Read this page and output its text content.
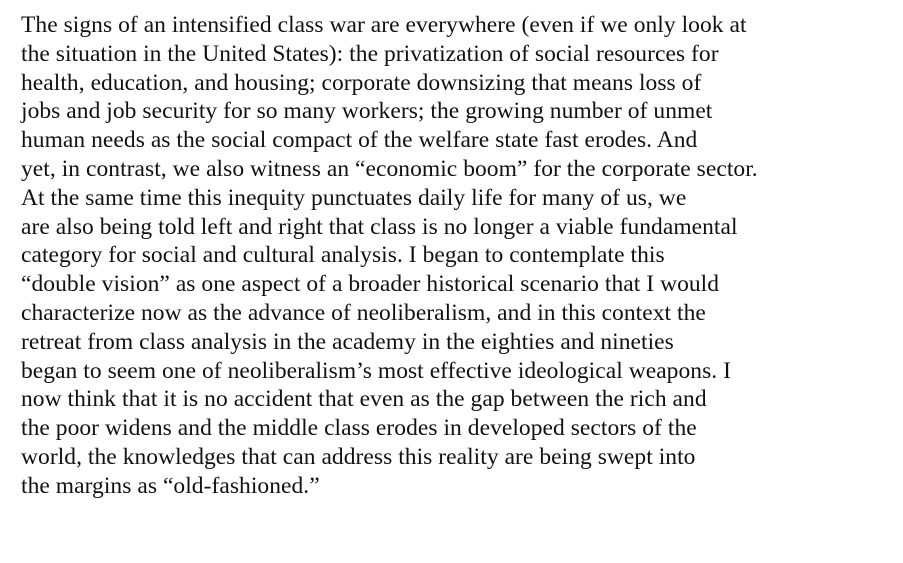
The signs of an intensified class war are everywhere (even if we only look at
the situation in the United States): the privatization of social resources for
health, education, and housing; corporate downsizing that means loss of
jobs and job security for so many workers; the growing number of unmet
human needs as the social compact of the welfare state fast erodes. And
yet, in contrast, we also witness an “economic boom” for the corporate sector.
At the same time this inequity punctuates daily life for many of us, we
are also being told left and right that class is no longer a viable fundamental
category for social and cultural analysis. I began to contemplate this
“double vision” as one aspect of a broader historical scenario that I would
characterize now as the advance of neoliberalism, and in this context the
retreat from class analysis in the academy in the eighties and nineties
began to seem one of neoliberalism’s most effective ideological weapons. I
now think that it is no accident that even as the gap between the rich and
the poor widens and the middle class erodes in developed sectors of the
world, the knowledges that can address this reality are being swept into
the margins as “old-fashioned.”
